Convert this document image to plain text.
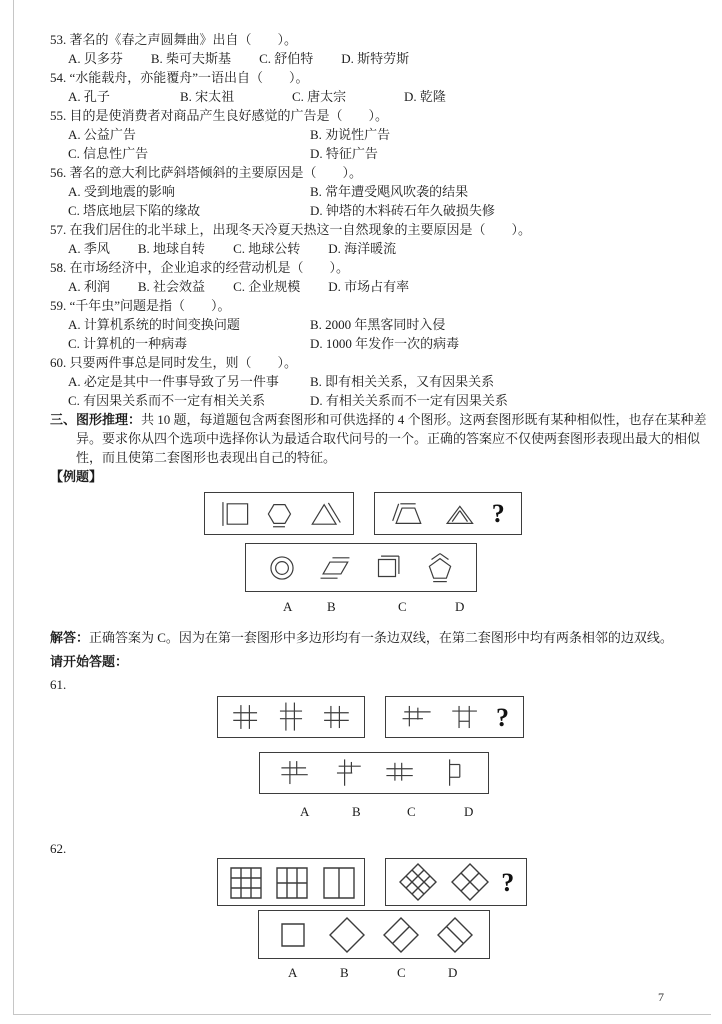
53. 著名的《春之声圆舞曲》出自（　　）。

A. 贝多芬 B. 柴可夫斯基 C. 舒伯特 D. 斯特劳斯

54. “水能载舟，亦能覆舟”一语出自（　　）。

A. 孔子	B. 宋太祖	C. 唐太宗	D. 乾隆

55. 目的是使消费者对商品产生良好感觉的广告是（　　）。

A. 公益广告	B. 劝说性广告
C. 信息性广告	D. 特征广告

56. 著名的意大利比萨斜塔倾斜的主要原因是（　　）。

A. 受到地震的影响	B. 常年遭受飓风吹袭的结果
C. 塔底地层下陷的缘故	D. 钟塔的木料砖石年久破损失修

57. 在我们居住的北半球上，出现冬天冷夏天热这一自然现象的主要原因是（　　）。

A. 季风 B. 地球自转 C. 地球公转 D. 海洋暖流

58. 在市场经济中，企业追求的经营动机是（　　）。

A. 利润 B. 社会效益 C. 企业规模 D. 市场占有率

59. “千年虫”问题是指（　　）。

A. 计算机系统的时间变换问题	B. 2000 年黑客同时入侵
C. 计算机的一种病毒	D. 1000 年发作一次的病毒

60. 只要两件事总是同时发生，则（　　）。

A. 必定是其中一件事导致了另一件事 B. 即有相关关系，又有因果关系
C. 有因果关系而不一定有相关关系	D. 有相关关系而不一定有因果关系

三、图形推理：共 10 题，每道题包含两套图形和可供选择的 4 个图形。这两套图形既有某种相似性，也存在某种差异。要求你从四个选项中选择你认为最适合取代问号的一个。正确的答案应不仅使两套图形表现出最大的相似性，而且使第二套图形也表现出自己的特征。

【例题】

?
A	B	C	D

解答：正确答案为 C。因为在第一套图形中多边形均有一条边双线，在第二套图形中均有两条相邻的边双线。

请开始答题：

61.

?
A	B	C	D

62.

?
A	B	C	D
7
